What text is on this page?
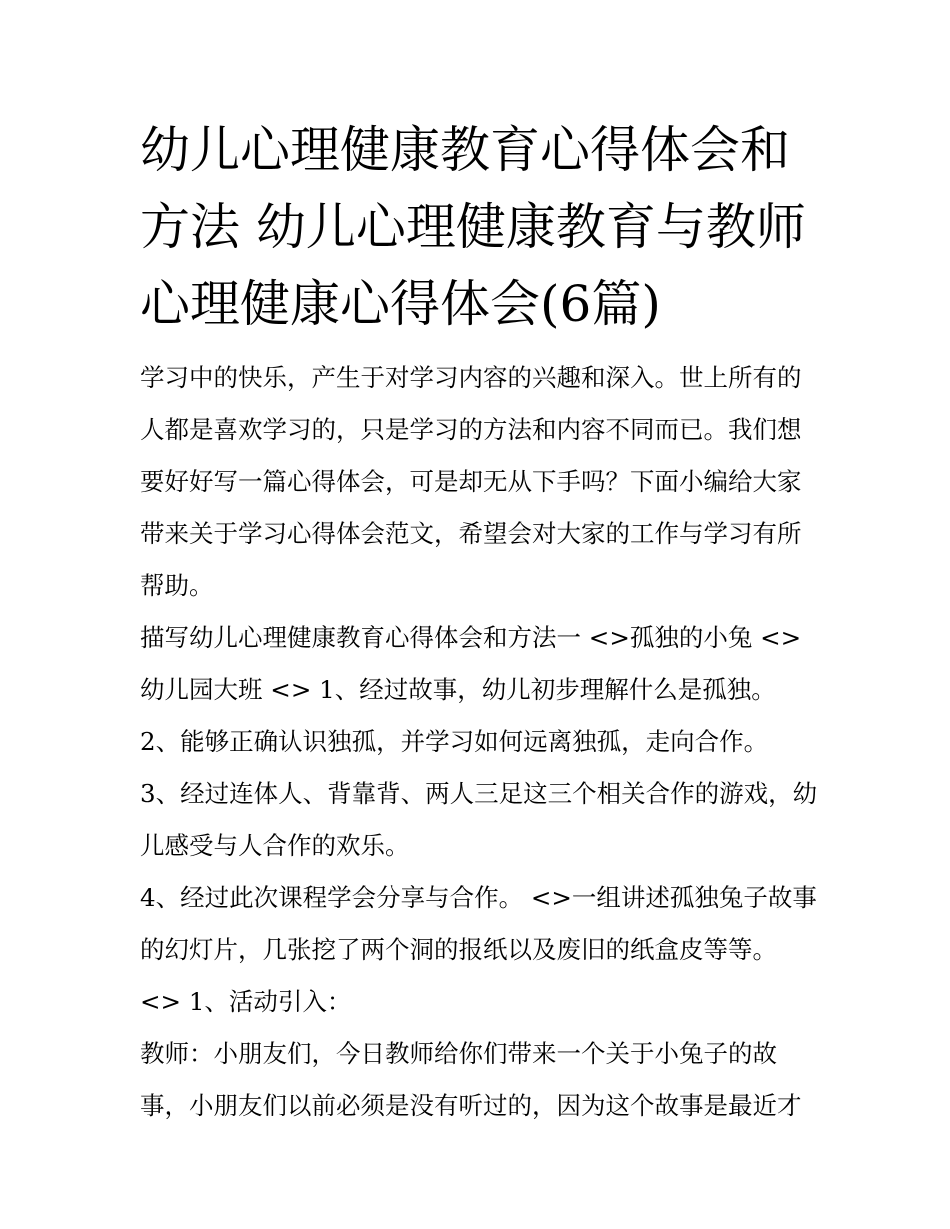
幼儿心理健康教育心得体会和方法 幼儿心理健康教育与教师心理健康心得体会(6篇)

学习中的快乐，产生于对学习内容的兴趣和深入。世上所有的人都是喜欢学习的，只是学习的方法和内容不同而已。我们想要好好写一篇心得体会，可是却无从下手吗？下面小编给大家带来关于学习心得体会范文，希望会对大家的工作与学习有所帮助。

描写幼儿心理健康教育心得体会和方法一 <>孤独的小兔 <>幼儿园大班 <> 1、经过故事，幼儿初步理解什么是孤独。

2、能够正确认识独孤，并学习如何远离独孤，走向合作。

3、经过连体人、背靠背、两人三足这三个相关合作的游戏，幼儿感受与人合作的欢乐。

4、经过此次课程学会分享与合作。 <>一组讲述孤独兔子故事的幻灯片，几张挖了两个洞的报纸以及废旧的纸盒皮等等。

<> 1、活动引入：

教师：小朋友们，今日教师给你们带来一个关于小兔子的故事，小朋友们以前必须是没有听过的，因为这个故事是最近才
